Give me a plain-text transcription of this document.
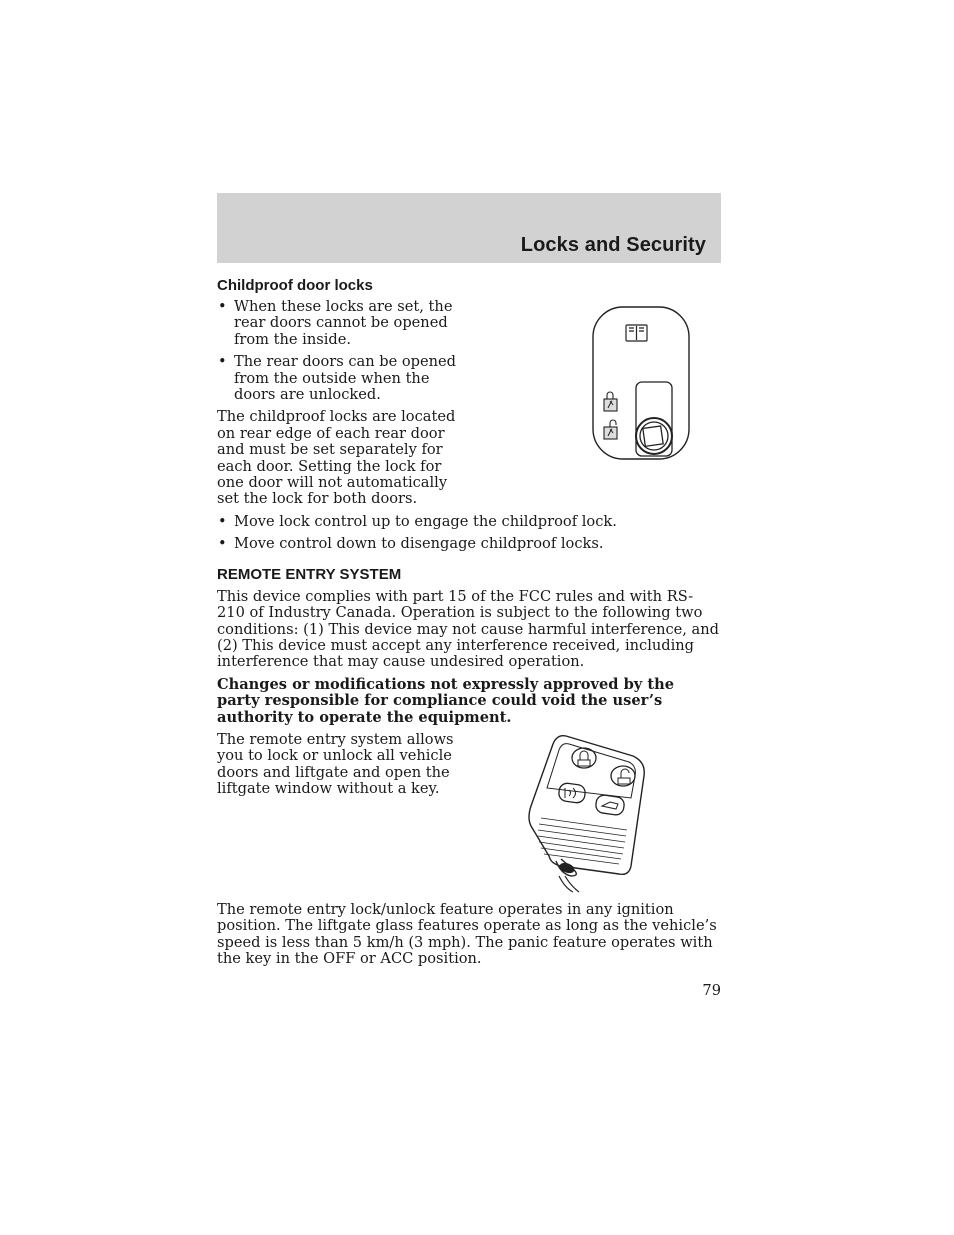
Locks and Security
Childproof door locks
• When these locks are set, the rear doors cannot be opened from the inside.
• The rear doors can be opened from the outside when the doors are unlocked.

The childproof locks are located on rear edge of each rear door and must be set separately for each door. Setting the lock for one door will not automatically set the lock for both doors.

• Move lock control up to engage the childproof lock.
• Move control down to disengage childproof locks.
REMOTE ENTRY SYSTEM

This device complies with part 15 of the FCC rules and with RS-210 of Industry Canada. Operation is subject to the following two conditions: (1) This device may not cause harmful interference, and (2) This device must accept any interference received, including interference that may cause undesired operation.

Changes or modifications not expressly approved by the party responsible for compliance could void the user’s authority to operate the equipment.

The remote entry system allows you to lock or unlock all vehicle doors and liftgate and open the liftgate window without a key.

The remote entry lock/unlock feature operates in any ignition position. The liftgate glass features operate as long as the vehicle’s speed is less than 5 km/h (3 mph). The panic feature operates with the key in the OFF or ACC position.

79
